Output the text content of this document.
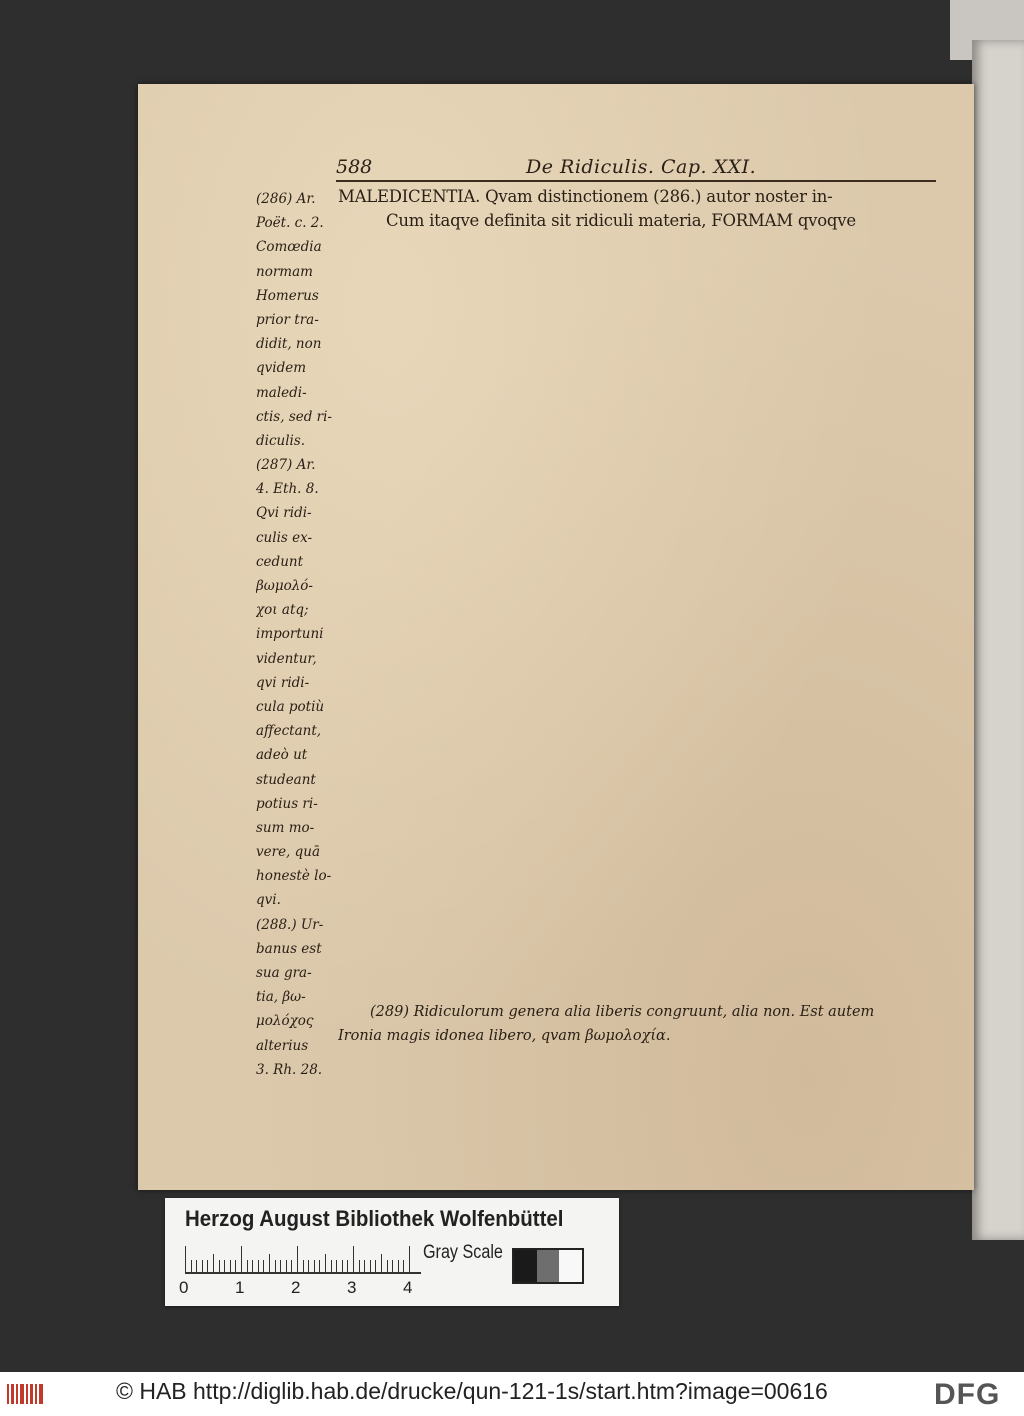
588	De Ridiculis. Cap. XXI.
(286) Ar.
Poët. c. 2.
Comœdia
normam
Homerus
prior tra-
didit, non
qvidem
maledi-
ctis, sed ri-
diculis.
(287) Ar.
4. Eth. 8.
Qvi ridi-
culis ex-
cedunt
βωμολό-
χοι atq;
importuni
videntur,
qvi ridi-
cula potiù
affectant,
adeò ut
studeant
potius ri-
sum mo-
vere, quā
honestè lo-
qvi.
(288.) Ur-
banus est
sua gra-
tia, βω-
μολόχος
alterius
3. Rh. 28.
MALEDICENTIA. Qvam distinctionem (286.) autor noster in-
Cum itaqve definita sit ridiculi materia, FORMAM qvoqve
(289) Ridiculorum genera alia liberis congruunt, alia non. Est autem
Ironia magis idonea libero, qvam βωμολοχία.
Herzog August Bibliothek Wolfenbüttel
0	1	2	3	4
Gray Scale
© HAB http://diglib.hab.de/drucke/qun-121-1s/start.htm?image=00616	DFG
